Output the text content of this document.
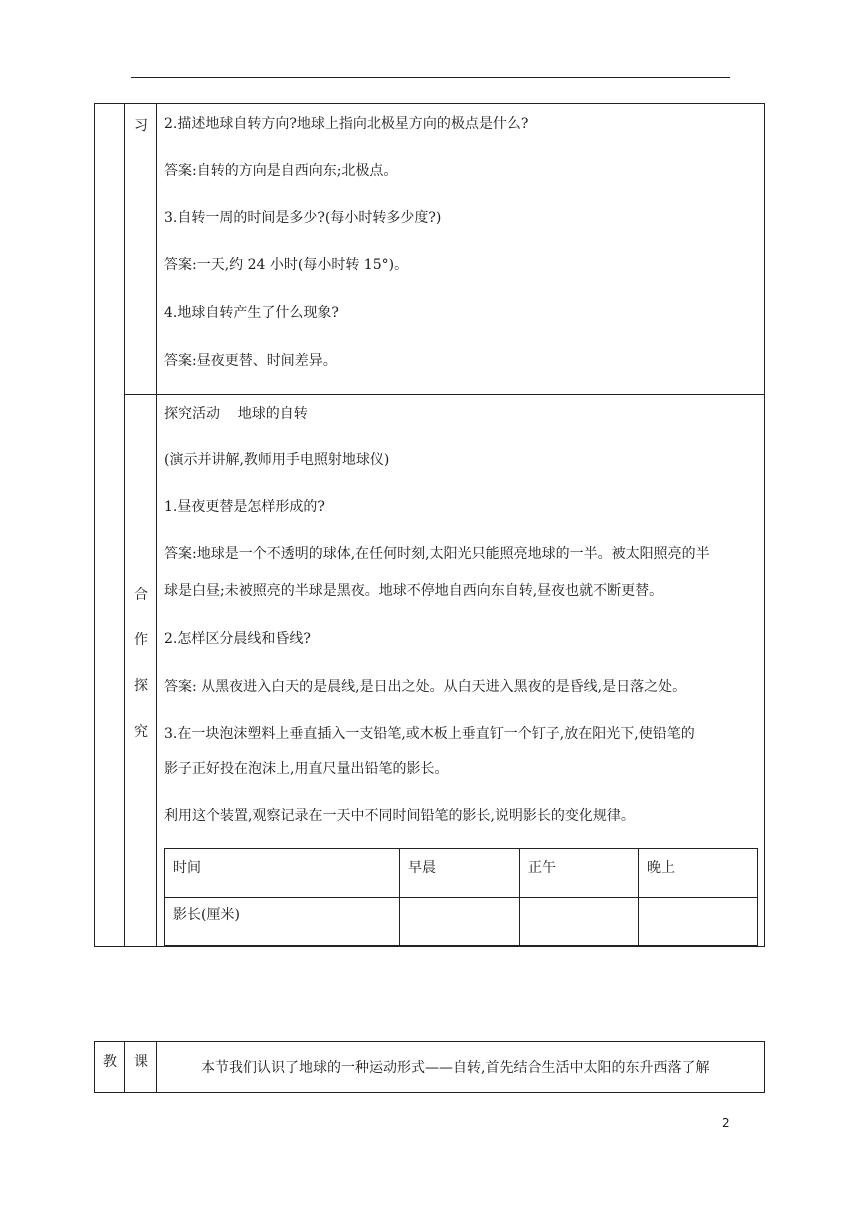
习
合
作
探
究
2.描述地球自转方向?地球上指向北极星方向的极点是什么?
答案:自转的方向是自西向东;北极点。
3.自转一周的时间是多少?(每小时转多少度?)
答案:一天,约 24 小时(每小时转 15°)。
4.地球自转产生了什么现象?
答案:昼夜更替、时间差异。
探究活动    地球的自转
(演示并讲解,教师用手电照射地球仪)
1.昼夜更替是怎样形成的?
答案:地球是一个不透明的球体,在任何时刻,太阳光只能照亮地球的一半。被太阳照亮的半
球是白昼;未被照亮的半球是黑夜。地球不停地自西向东自转,昼夜也就不断更替。
2.怎样区分晨线和昏线?
答案: 从黑夜进入白天的是晨线,是日出之处。从白天进入黑夜的是昏线,是日落之处。
3.在一块泡沫塑料上垂直插入一支铅笔,或木板上垂直钉一个钉子,放在阳光下,使铅笔的
影子正好投在泡沫上,用直尺量出铅笔的影长。
利用这个装置,观察记录在一天中不同时间铅笔的影长,说明影长的变化规律。
时间	早晨	正午	晚上
影长(厘米)
教 课	本节我们认识了地球的一种运动形式——自转,首先结合生活中太阳的东升西落了解
2
